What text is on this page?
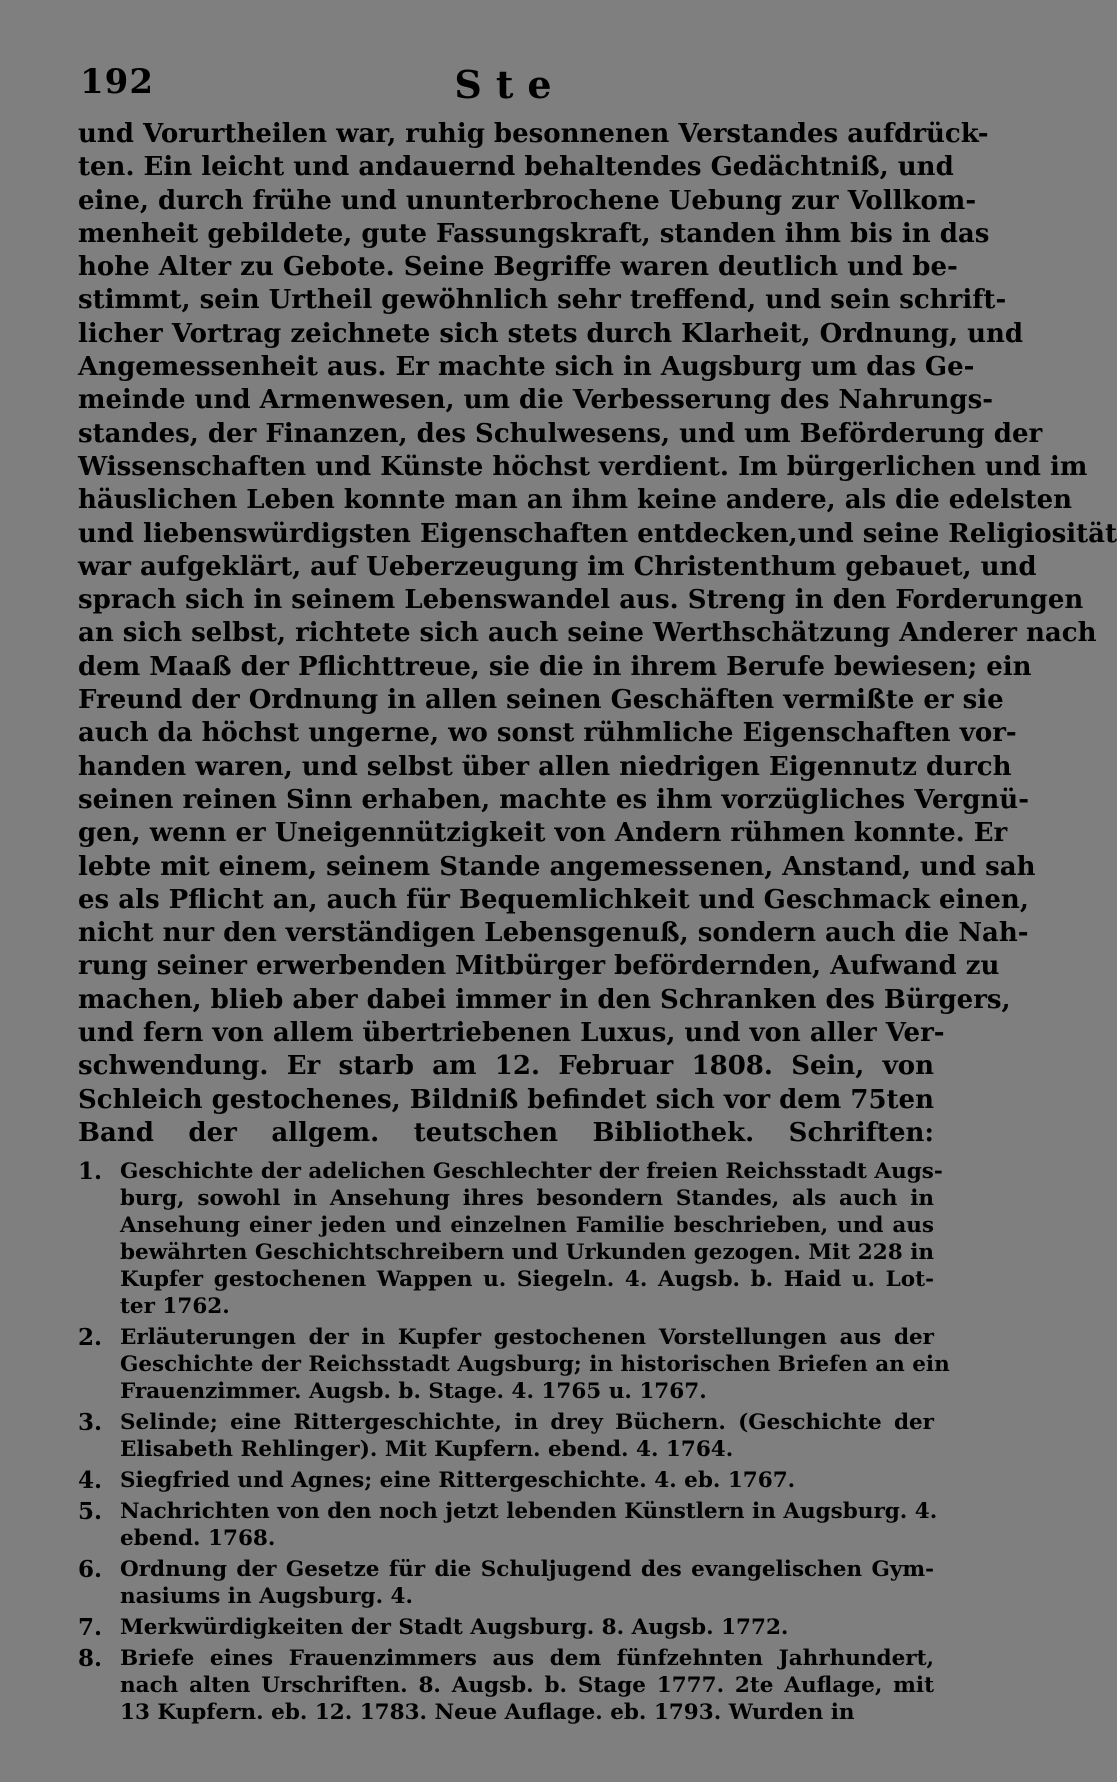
192	Ste
und Vorurtheilen war, ruhig besonnenen Verstandes aufdrück-
ten. Ein leicht und andauernd behaltendes Gedächtniß, und
eine, durch frühe und ununterbrochene Uebung zur Vollkom-
menheit gebildete, gute Fassungskraft, standen ihm bis in das
hohe Alter zu Gebote. Seine Begriffe waren deutlich und be-
stimmt, sein Urtheil gewöhnlich sehr treffend, und sein schrift-
licher Vortrag zeichnete sich stets durch Klarheit, Ordnung, und
Angemessenheit aus. Er machte sich in Augsburg um das Ge-
meinde und Armenwesen, um die Verbesserung des Nahrungs-
standes, der Finanzen, des Schulwesens, und um Beförderung der
Wissenschaften und Künste höchst verdient. Im bürgerlichen und im
häuslichen Leben konnte man an ihm keine andere, als die edelsten
und liebenswürdigsten Eigenschaften entdecken,und seine Religiosität
war aufgeklärt, auf Ueberzeugung im Christenthum gebauet, und
sprach sich in seinem Lebenswandel aus. Streng in den Forderungen
an sich selbst, richtete sich auch seine Werthschätzung Anderer nach
dem Maaß der Pflichttreue, sie die in ihrem Berufe bewiesen; ein
Freund der Ordnung in allen seinen Geschäften vermißte er sie
auch da höchst ungerne, wo sonst rühmliche Eigenschaften vor-
handen waren, und selbst über allen niedrigen Eigennutz durch
seinen reinen Sinn erhaben, machte es ihm vorzügliches Vergnü-
gen, wenn er Uneigennützigkeit von Andern rühmen konnte. Er
lebte mit einem, seinem Stande angemessenen, Anstand, und sah
es als Pflicht an, auch für Bequemlichkeit und Geschmack einen,
nicht nur den verständigen Lebensgenuß, sondern auch die Nah-
rung seiner erwerbenden Mitbürger befördernden, Aufwand zu
machen, blieb aber dabei immer in den Schranken des Bürgers,
und fern von allem übertriebenen Luxus, und von aller Ver-
schwendung. Er starb am 12. Februar 1808. Sein, von
Schleich gestochenes, Bildniß befindet sich vor dem 75ten
Band der allgem. teutschen Bibliothek. Schriften:
1. Geschichte der adelichen Geschlechter der freien Reichsstadt Augs-
burg, sowohl in Ansehung ihres besondern Standes, als auch in
Ansehung einer jeden und einzelnen Familie beschrieben, und aus
bewährten Geschichtschreibern und Urkunden gezogen. Mit 228 in
Kupfer gestochenen Wappen u. Siegeln. 4. Augsb. b. Haid u. Lot-
ter 1762.
2. Erläuterungen der in Kupfer gestochenen Vorstellungen aus der
Geschichte der Reichsstadt Augsburg; in historischen Briefen an ein
Frauenzimmer. Augsb. b. Stage. 4. 1765 u. 1767.
3. Selinde; eine Rittergeschichte, in drey Büchern. (Geschichte der
Elisabeth Rehlinger). Mit Kupfern. ebend. 4. 1764.
4. Siegfried und Agnes; eine Rittergeschichte. 4. eb. 1767.
5. Nachrichten von den noch jetzt lebenden Künstlern in Augsburg. 4.
ebend. 1768.
6. Ordnung der Gesetze für die Schuljugend des evangelischen Gym-
nasiums in Augsburg. 4.
7. Merkwürdigkeiten der Stadt Augsburg. 8. Augsb. 1772.
8. Briefe eines Frauenzimmers aus dem fünfzehnten Jahrhundert,
nach alten Urschriften. 8. Augsb. b. Stage 1777. 2te Auflage, mit
13 Kupfern. eb. 12. 1783. Neue Auflage. eb. 1793. Wurden in
